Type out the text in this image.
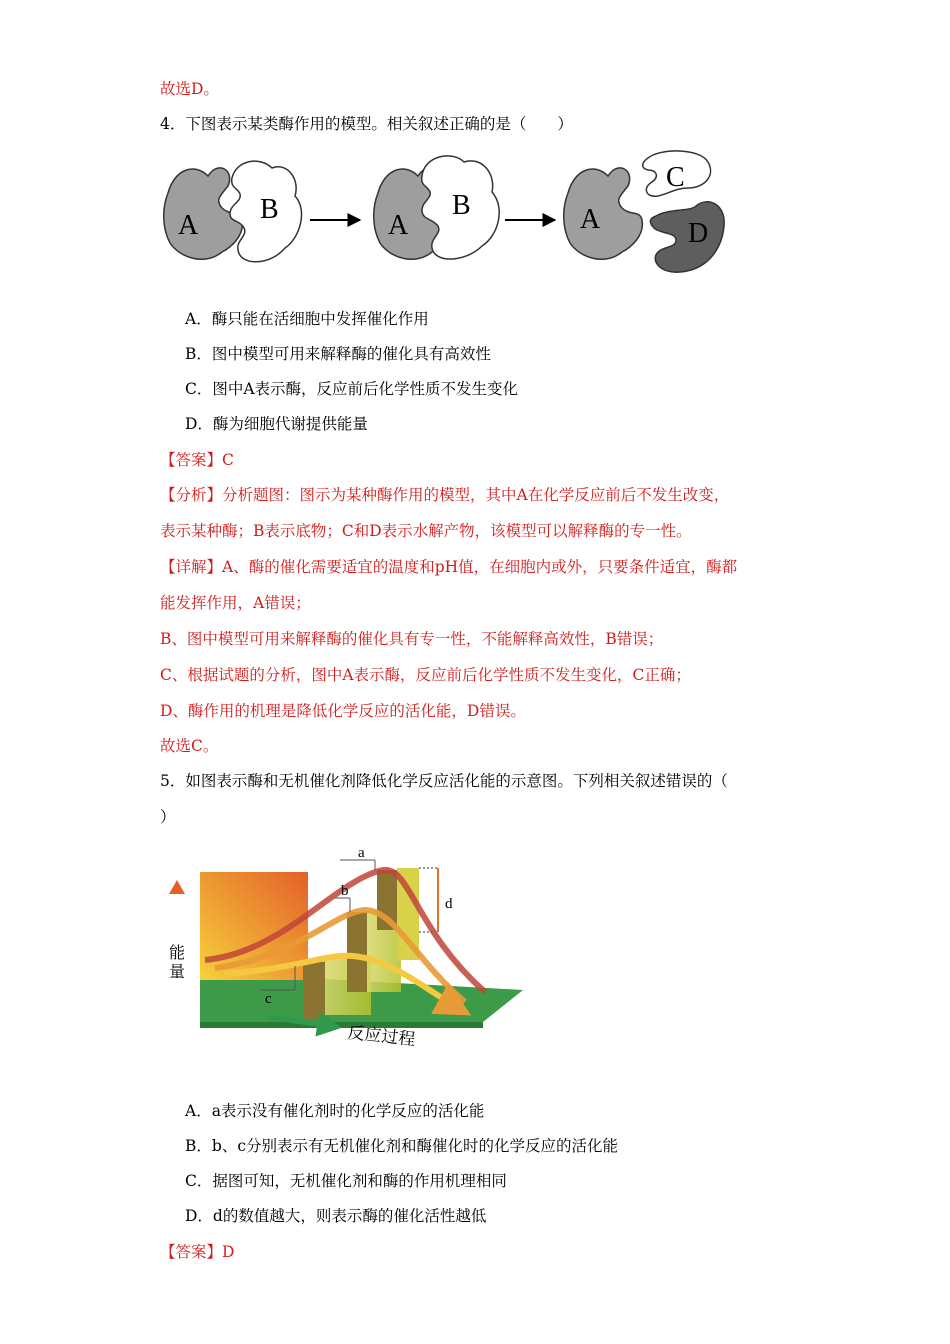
故选D。
4．下图表示某类酶作用的模型。相关叙述正确的是（　　）
A
B
A
B	A
C
D
A．酶只能在活细胞中发挥催化作用
B．图中模型可用来解释酶的催化具有高效性
C．图中A表示酶，反应前后化学性质不发生变化
D．酶为细胞代谢提供能量
【答案】C
【分析】分析题图：图示为某种酶作用的模型，其中A在化学反应前后不发生改变，
表示某种酶；B表示底物；C和D表示水解产物，该模型可以解释酶的专一性。
【详解】A、酶的催化需要适宜的温度和pH值，在细胞内或外，只要条件适宜，酶都
能发挥作用，A错误；
B、图中模型可用来解释酶的催化具有专一性，不能解释高效性，B错误；
C、根据试题的分析，图中A表示酶，反应前后化学性质不发生变化，C正确；
D、酶作用的机理是降低化学反应的活化能，D错误。
故选C。
5．如图表示酶和无机催化剂降低化学反应活化能的示意图。下列相关叙述错误的（
）
a
b
c
d
能
量
反应过程
A．a表示没有催化剂时的化学反应的活化能
B．b、c分别表示有无机催化剂和酶催化时的化学反应的活化能
C．据图可知，无机催化剂和酶的作用机理相同
D．d的数值越大，则表示酶的催化活性越低
【答案】D
